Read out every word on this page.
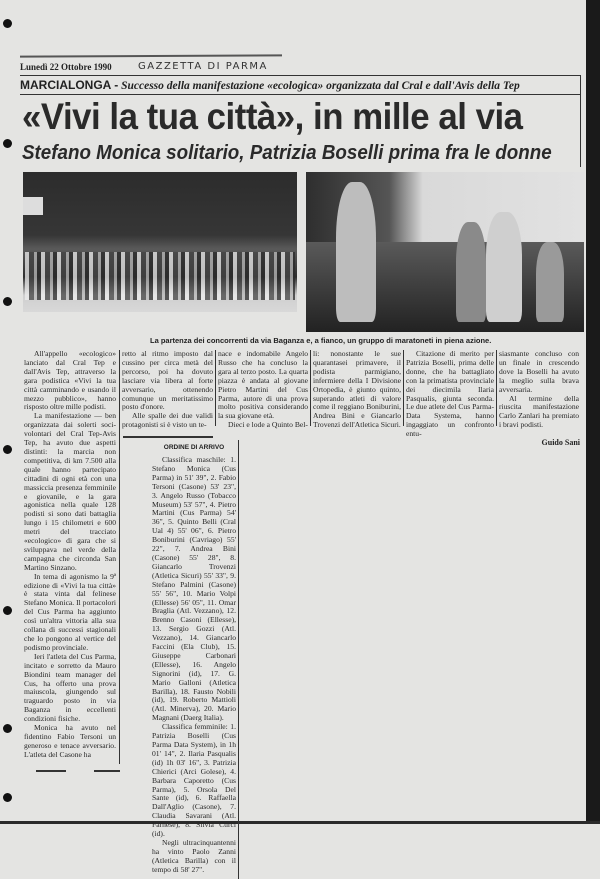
Lunedì 22 Ottobre 1990	GAZZETTA DI PARMA
MARCIALONGA - Successo della manifestazione «ecologica» organizzata dal Cral e dall'Avis della Tep
«Vivi la tua città», in mille al via
Stefano Monica solitario, Patrizia Boselli prima fra le donne
La partenza dei concorrenti da via Baganza e, a fianco, un gruppo di maratoneti in piena azione.

All'appello «ecologico» lanciato dal Cral Tep e dall'Avis Tep, attraverso la gara podistica «Vivi la tua città camminando e usando il mezzo pubblico», hanno risposto oltre mille podisti.

La manifestazione — ben organizzata dai solerti soci-volontari del Cral Tep-Avis Tep, ha avuto due aspetti distinti: la marcia non competitiva, di km 7.500 alla quale hanno partecipato cittadini di ogni età con una massiccia presenza femminile e giovanile, e la gara agonistica nella quale 128 podisti si sono dati battaglia lungo i 15 chilometri e 600 metri del tracciato «ecologico» di gara che si sviluppava nel verde della campagna che circonda San Martino Sinzano.

In tema di agonismo la 9ª edizione di «Vivi la tua città» è stata vinta dal felinese Stefano Monica. Il portacolori del Cus Parma ha aggiunto così un'altra vittoria alla sua collana di successi stagionali che lo pongono al vertice del podismo provinciale.

Ieri l'atleta del Cus Parma, incitato e sorretto da Mauro Biondini team manager del Cus, ha offerto una prova maiuscola, giungendo sul traguardo posto in via Baganza in eccellenti condizioni fisiche.

Monica ha avuto nel fidentino Fabio Tersoni un generoso e tenace avversario. L'atleta del Casone ha

retto al ritmo imposto dal cussino per circa metà del percorso, poi ha dovuto lasciare via libera al forte avversario, ottenendo comunque un meritatissimo posto d'onore.

Alle spalle dei due validi protagonisti si è visto un te-

nace e indomabile Angelo Russo che ha concluso la gara al terzo posto. La quarta piazza è andata al giovane Pietro Martini del Cus Parma, autore di una prova molto positiva considerando la sua giovane età.

Dieci e lode a Quinto Bel-

li: nonostante le sue quarantasei primavere, il podista parmigiano, infermiere della I Divisione Ortopedia, è giunto quinto, superando atleti di valore come il reggiano Boniburini, Andrea Bini e Giancarlo Trovenzi dell'Atletica Sicuri.

Citazione di merito per Patrizia Boselli, prima delle donne, che ha battagliato con la primatista provinciale dei diecimila Ilaria Pasqualis, giunta seconda. Le due atlete del Cus Parma-Data Systema, hanno ingaggiato un confronto entu-

siasmante concluso con un finale in crescendo dove la Boselli ha avuto la meglio sulla brava avversaria.

Al termine della riuscita manifestazione Carlo Zanlari ha premiato i bravi podisti.

Guido Sani
ORDINE DI ARRIVO

Classifica maschile: 1. Stefano Monica (Cus Parma) in 51' 39", 2. Fabio Tersoni (Casone) 53' 23", 3. Angelo Russo (Tobacco Museum) 53' 57", 4. Pietro Martini (Cus Parma) 54' 36", 5. Quinto Belli (Cral Ual 4) 55' 06", 6. Pietro Boniburini (Cavriago) 55' 22", 7. Andrea Bini (Casone) 55' 28", 8. Giancarlo Trovenzi (Atletica Sicuri) 55' 33", 9. Stefano Palmini (Casone) 55' 56", 10. Mario Volpi (Ellesse) 56' 05", 11. Omar Braglia (Atl. Vezzano), 12. Brenno Casoni (Ellesse), 13. Sergio Gozzi (Atl. Vezzano), 14. Giancarlo Faccini (Ela Club), 15. Giuseppe Carbonari (Ellesse), 16. Angelo Signorini (id), 17. G. Mario Galloni (Atletica Barilla), 18. Fausto Nobili (id), 19. Roberto Mattioli (Atl. Minerva), 20. Mario Magnani (Daerg Italia).

Classifica femminile: 1. Patrizia Boselli (Cus Parma Data System), in 1h 01' 14", 2. Ilaria Pasqualis (id) 1h 03' 16", 3. Patrizia Chierici (Arci Golese), 4. Barbara Caporetto (Cus Parma), 5. Orsola Del Sante (id), 6. Raffaella Dall'Aglio (Casone), 7. Claudia Savarani (Atl. Farnese), 8. Silvia Curci (id).

Negli ultracinquantenni ha vinto Paolo Zanni (Atletica Barilla) con il tempo di 58' 27".
